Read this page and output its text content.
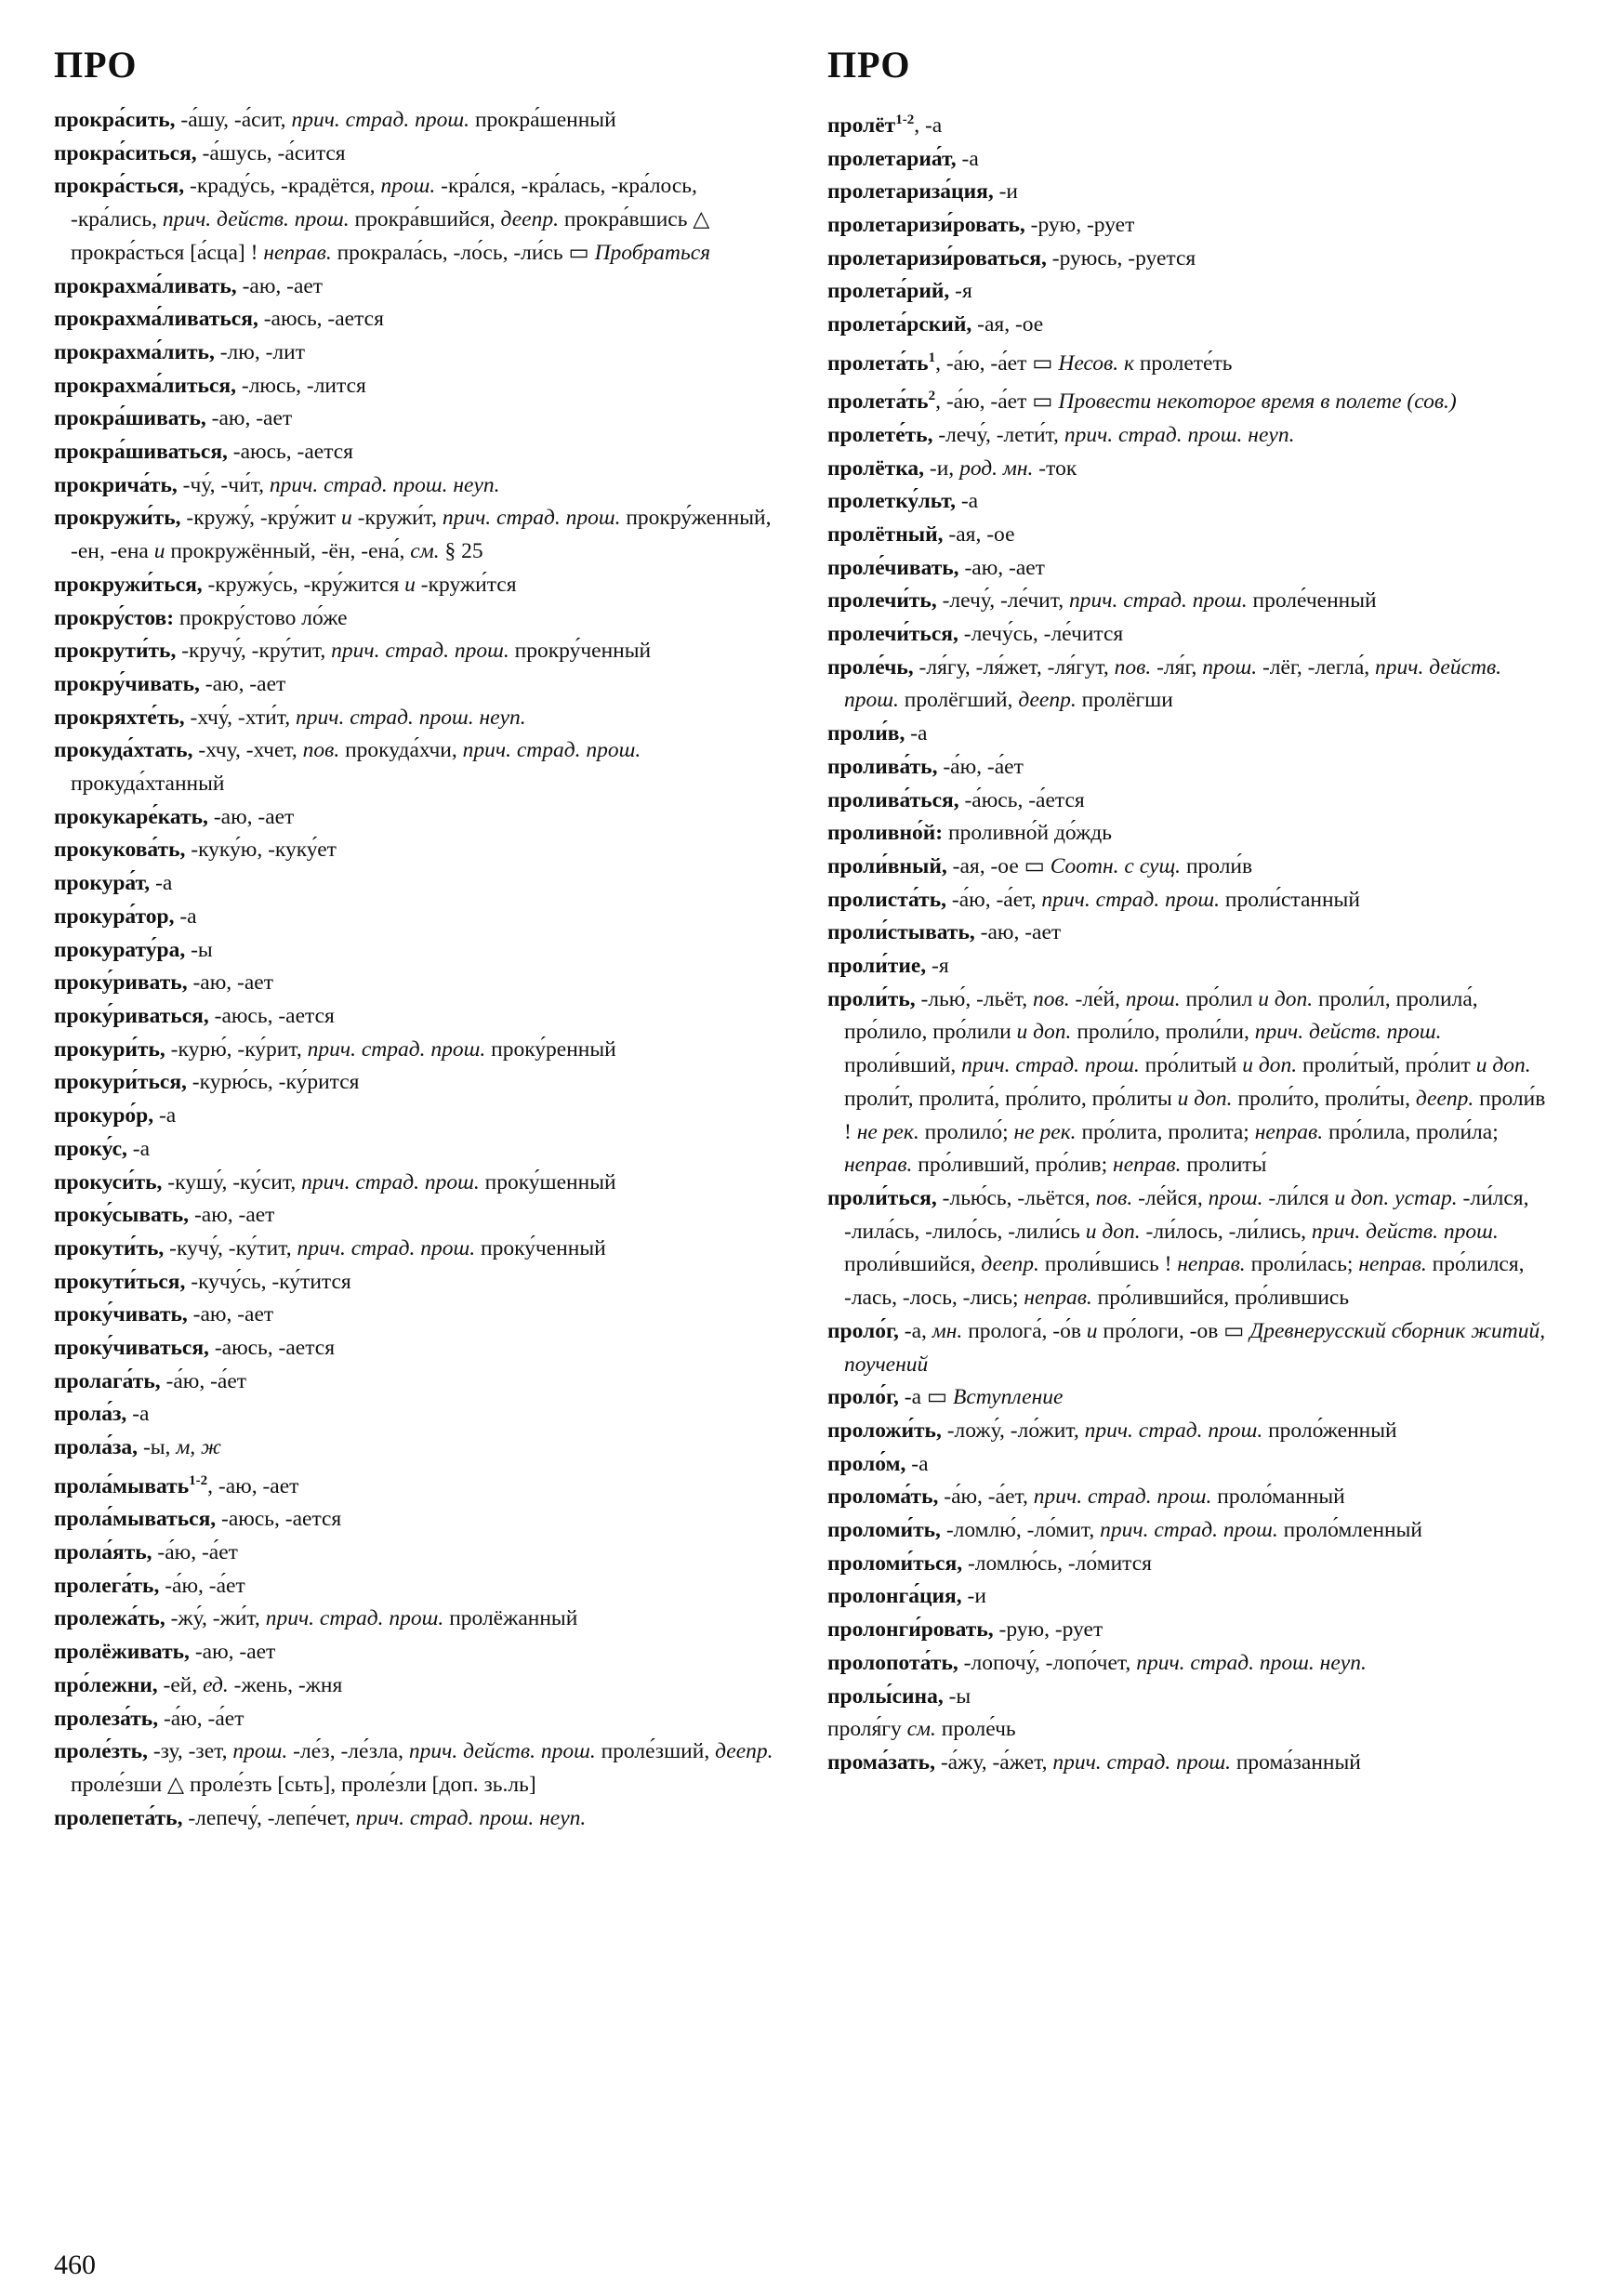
ПРО

прокра́сить, -а́шу, -а́сит, прич. страд. прош. прокра́шенный

прокра́ситься, -а́шусь, -а́сится

прокра́сться, -краду́сь, -крадётся, прош. -кра́лся, -кра́лась, -кра́лось, -кра́лись, прич. действ. прош. прокра́вшийся, деепр. прокра́вшись △ прокра́сться [а́сца] ! неправ. прокрала́сь, -ло́сь, -ли́сь ▭ Пробраться

прокрахма́ливать, -аю, -ает

прокрахма́ливаться, -аюсь, -ается

прокрахма́лить, -лю, -лит

прокрахма́литься, -люсь, -лится

прокра́шивать, -аю, -ает

прокра́шиваться, -аюсь, -ается

прокрича́ть, -чу́, -чи́т, прич. страд. прош. неуп.

прокружи́ть, -кружу́, -кру́жит и -кружи́т, прич. страд. прош. прокру́женный, -ен, -ена и прокружённый, -ён, -ена́, см. § 25

прокружи́ться, -кружу́сь, -кру́жится и -кружи́тся

прокру́стов: прокру́стово ло́же

прокрути́ть, -кручу́, -кру́тит, прич. страд. прош. прокру́ченный

прокру́чивать, -аю, -ает

прокряхте́ть, -хчу́, -хти́т, прич. страд. прош. неуп.

прокуда́хтать, -хчу, -хчет, пов. прокуда́хчи, прич. страд. прош. прокуда́хтанный

прокукаре́кать, -аю, -ает

прокукова́ть, -куку́ю, -куку́ет

прокура́т, -а

прокура́тор, -а

прокурату́ра, -ы

проку́ривать, -аю, -ает

проку́риваться, -аюсь, -ается

прокури́ть, -курю́, -ку́рит, прич. страд. прош. проку́ренный

прокури́ться, -курю́сь, -ку́рится

прокуро́р, -а

проку́с, -а

прокуси́ть, -кушу́, -ку́сит, прич. страд. прош. проку́шенный

проку́сывать, -аю, -ает

прокути́ть, -кучу́, -ку́тит, прич. страд. прош. проку́ченный

прокути́ться, -кучу́сь, -ку́тится

проку́чивать, -аю, -ает

проку́чиваться, -аюсь, -ается

пролага́ть, -а́ю, -а́ет

прола́з, -а

прола́за, -ы, м, ж

прола́мывать$^{1-2}$, -аю, -ает

прола́мываться, -аюсь, -ается

прола́ять, -а́ю, -а́ет

пролега́ть, -а́ю, -а́ет

пролежа́ть, -жу́, -жи́т, прич. страд. прош. пролёжанный

пролёживать, -аю, -ает

про́лежни, -ей, ед. -жень, -жня

пролеза́ть, -а́ю, -а́ет

проле́зть, -зу, -зет, прош. -ле́з, -ле́зла, прич. действ. прош. проле́зший, деепр. проле́зши △ проле́зть [сьть], проле́зли [доп. зь.ль]

пролепета́ть, -лепечу́, -лепе́чет, прич. страд. прош. неуп.

ПРО

пролёт$^{1-2}$, -а

пролетариа́т, -а

пролетариза́ция, -и

пролетаризи́ровать, -рую, -рует

пролетаризи́роваться, -руюсь, -руется

пролета́рий, -я

пролета́рский, -ая, -ое

$пролета́ть^1$, -а́ю, -а́ет ▭ Несов. к пролете́ть

$пролета́ть^2$, -а́ю, -а́ет ▭ Провести некоторое время в полете (сов.)

пролете́ть, -лечу́, -лети́т, прич. страд. прош. неуп.

пролётка, -и, род. мн. -ток

пролетку́льт, -а

пролётный, -ая, -ое

проле́чивать, -аю, -ает

пролечи́ть, -лечу́, -ле́чит, прич. страд. прош. проле́ченный

пролечи́ться, -лечу́сь, -ле́чится

проле́чь, -ля́гу, -ля́жет, -ля́гут, пов. -ля́г, прош. -лёг, -легла́, прич. действ. прош. пролёгший, деепр. пролёгши

проли́в, -а

пролива́ть, -а́ю, -а́ет

пролива́ться, -а́юсь, -а́ется

проливно́й: проливно́й до́ждь

проли́вный, -ая, -ое ▭ Соотн. с сущ. проли́в

пролиста́ть, -а́ю, -а́ет, прич. страд. прош. проли́станный

проли́стывать, -аю, -ает

проли́тие, -я

проли́ть, -лью́, -льёт, пов. -ле́й, прош. про́лил и доп. проли́л, пролила́, про́лило, про́лили и доп. проли́ло, проли́ли, прич. действ. прош. проли́вший, прич. страд. прош. про́литый и доп. проли́тый, про́лит и доп. проли́т, пролита́, про́лито, про́литы и доп. проли́то, проли́ты, деепр. проли́в ! не рек. пролило́; не рек. про́лита, пролита; неправ. про́лила, проли́ла; неправ. про́ливший, про́лив; неправ. пролиты́

проли́ться, -лью́сь, -льётся, пов. -ле́йся, прош. -ли́лся и доп. устар. -ли́лся, -лила́сь, -лило́сь, -лили́сь и доп. -ли́лось, -ли́лись, прич. действ. прош. проли́вшийся, деепр. проли́вшись ! неправ. проли́лась; неправ. про́лился, -лась, -лось, -лись; неправ. про́лившийся, про́лившись

проло́г, -а, мн. пролога́, -о́в и про́логи, -ов ▭ Древнерусский сборник житий, поучений

проло́г, -а ▭ Вступление

проложи́ть, -ложу́, -ло́жит, прич. страд. прош. проло́женный

проло́м, -а

пролома́ть, -а́ю, -а́ет, прич. страд. прош. проло́манный

проломи́ть, -ломлю́, -ло́мит, прич. страд. прош. проло́мленный

проломи́ться, -ломлю́сь, -ло́мится

пролонга́ция, -и

пролонги́ровать, -рую, -рует

пролопота́ть, -лопочу́, -лопо́чет, прич. страд. прош. неуп.

пролы́сина, -ы

проля́гу см. проле́чь

прома́зать, -а́жу, -а́жет, прич. страд. прош. прома́занный

460
